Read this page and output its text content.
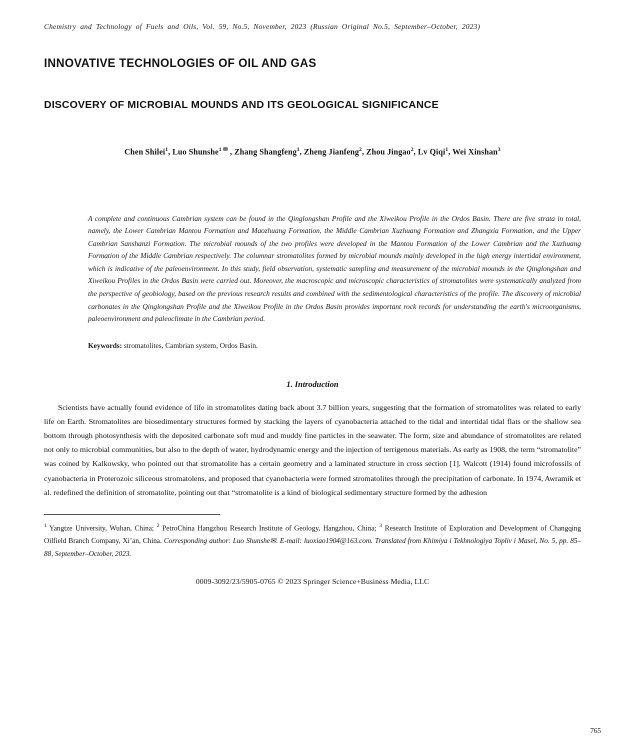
Chemistry and Technology of Fuels and Oils, Vol. 59, No.5, November, 2023 (Russian Original No.5, September–October, 2023)
INNOVATIVE TECHNOLOGIES OF OIL AND GAS
DISCOVERY OF MICROBIAL MOUNDS AND ITS GEOLOGICAL SIGNIFICANCE
Chen Shilei$^1$, Luo Shunshe$^{1 ✉}$ , Zhang Shangfeng$^1$, Zheng Jianfeng$^2$, Zhou Jingao$^2$, Lv Qiqi$^1$, Wei Xinshan$^3$
A complete and continuous Cambrian system can be found in the Qinglongshan Profile and the Xiweikou Profile in the Ordos Basin. There are five strata in total, namely, the Lower Cambrian Mantou Formation and Maozhuang Formation, the Middle Cambrian Xuzhuang Formation and Zhangxia Formation, and the Upper Cambrian Sanshanzi Formation. The microbial mounds of the two profiles were developed in the Mantou Formation of the Lower Cambrian and the Xuzhuang Formation of the Middle Cambrian respectively. The columnar stromatolites formed by microbial mounds mainly developed in the high energy intertidal environment, which is indicative of the paleoenvironment. In this study, field observation, systematic sampling and measurement of the microbial mounds in the Qinglongshan and Xiweikou Profiles in the Ordos Basin were carried out. Moreover, the macroscopic and microscopic characteristics of stromatolites were systematically analyzed from the perspective of geobiology, based on the previous research results and combined with the sedimentological characteristics of the profile. The discovery of microbial carbonates in the Qinglongshan Profile and the Xiweikou Profile in the Ordos Basin provides important rock records for understanding the earth's microorganisms, paleoenvironment and paleoclimate in the Cambrian period.
Keywords: stromatolites, Cambrian system, Ordos Basin.
1. Introduction
Scientists have actually found evidence of life in stromatolites dating back about 3.7 billion years, suggesting that the formation of stromatolites was related to early life on Earth. Stromatolites are biosedimentary structures formed by stacking the layers of cyanobacteria attached to the tidal and intertidal tidal flats or the shallow sea bottom through photosynthesis with the deposited carbonate soft mud and muddy fine particles in the seawater. The form, size and abundance of stromatolites are related not only to microbial communities, but also to the depth of water, hydrodynamic energy and the injection of terrigenous materials. As early as 1908, the term “stromatolite” was coined by Kalkowsky, who pointed out that stromatolite has a certain geometry and a laminated structure in cross section [1]. Walcott (1914) found microfossils of cyanobacteria in Proterozoic siliceous stromatolens, and proposed that cyanobacteria were formed stromatolites through the precipitation of carbonate. In 1974, Awramik et al. redefined the definition of stromatolite, pointing out that “stromatolite is a kind of biological sedimentary structure formed by the adhesion
$^1$ Yangtze University, Wuhan, China; $^2$ PetroChina Hangzhou Research Institute of Geology, Hangzhou, China; $^3$ Research Institute of Exploration and Development of Changqing Oilfield Branch Company, Xi’an, China. Corresponding author: Luo Shunshe✉. E-mail: luoxiao1904@163.com. Translated from Khimiya i Tekhnologiya Topliv i Masel, No. 5, pp. 85–88, September–October, 2023.
0009-3092/23/5905-0765 © 2023 Springer Science+Business Media, LLC
765
